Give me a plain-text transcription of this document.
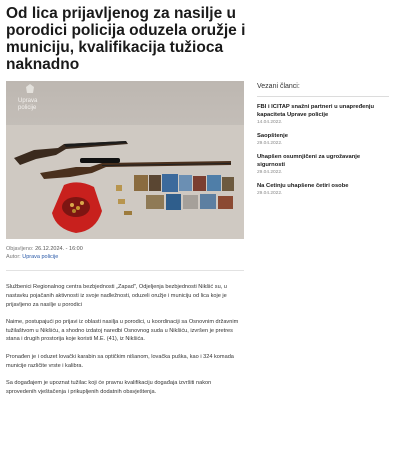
Od lica prijavljenog za nasilje u porodici policija oduzela oružje i municiju, kvalifikacija tužioca naknadno
Uprava
policije
Objavljeno: 26.12.2024. - 16:00
Autor: Uprava policije

Službenici Regionalnog centra bezbjednosti „Zapad", Odjeljenja bezbjednosti Nikšić su, u nastavku pojačanih aktivnosti iz svoje nadležnosti, oduzeli oružje i municiju od lica koje je prijavljeno za nasilje u porodici

Naime, postupajući po prijavi iz oblasti nasilja u porodici, u koordinaciji sa Osnovnim državnim tužilaštvom u Nikšiću, a shodno izdatoj naredbi Osnovnog suda u Nikšiću, izvršen je pretres stana i drugih prostorija koje koristi M.E. (41), iz Nikšića.

Pronađen je i oduzet lovački karabin sa optičkim nišanom, lovačka puška, kao i 324 komada municije različite vrste i kalibra.

Sa događajem je upoznat tužilac koji će pravnu kvalifikaciju događaja izvršiti nakon sprovedenih vještačenja i prikupljenih dodatnih obavještenja.

Vezani članci:
FBI i ICITAP snažni partneri u unapređenju kapaciteta Uprave policije
14.04.2022.
Saopštenje
29.04.2022.
Uhapšen osumnjičeni za ugrožavanje sigurnosti
29.04.2022.
Na Cetinju uhapšene četiri osobe
29.04.2022.
